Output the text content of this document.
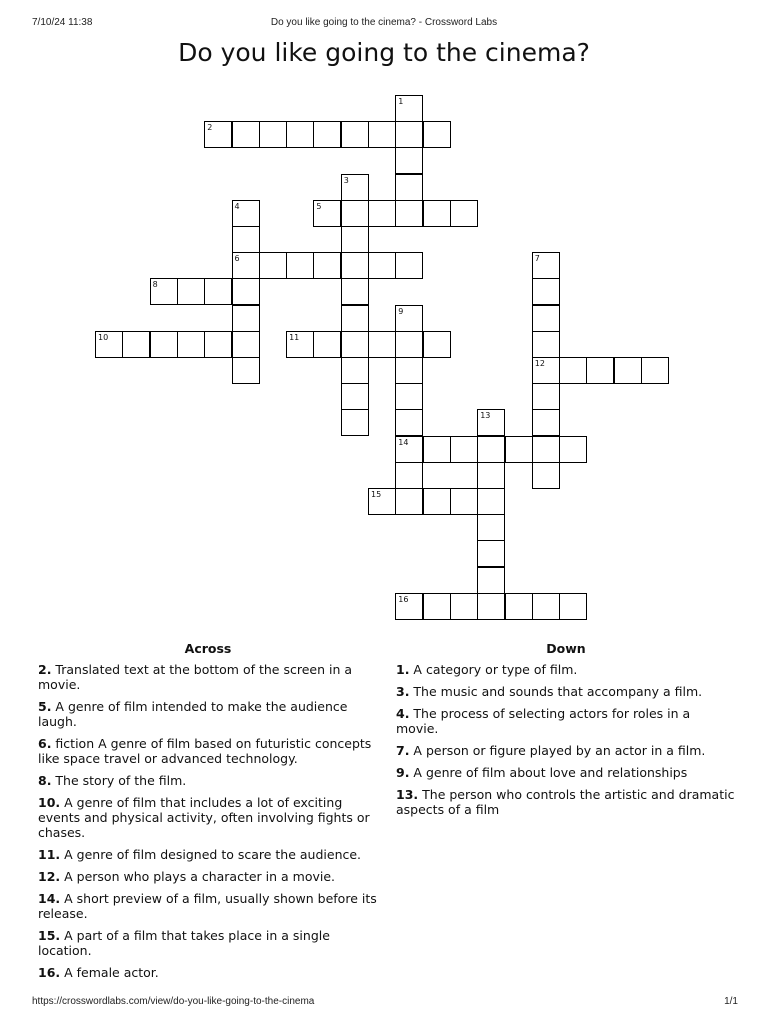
7/10/24 11:38	Do you like going to the cinema? - Crossword Labs
Do you like going to the cinema?
1
2
3
4
6
5
7
12
8
9
14
10	11
13
15
16
Across
2. Translated text at the bottom of the screen in a movie.
5. A genre of film intended to make the audience laugh.
6. fiction A genre of film based on futuristic concepts like space travel or advanced technology.
8. The story of the film.
10. A genre of film that includes a lot of exciting events and physical activity, often involving fights or chases.
11. A genre of film designed to scare the audience.
12. A person who plays a character in a movie.
14. A short preview of a film, usually shown before its release.
15. A part of a film that takes place in a single location.
16. A female actor.
Down
1. A category or type of film.
3. The music and sounds that accompany a film.
4. The process of selecting actors for roles in a movie.
7. A person or figure played by an actor in a film.
9. A genre of film about love and relationships
13. The person who controls the artistic and dramatic aspects of a film
https://crosswordlabs.com/view/do-you-like-going-to-the-cinema	1/1
